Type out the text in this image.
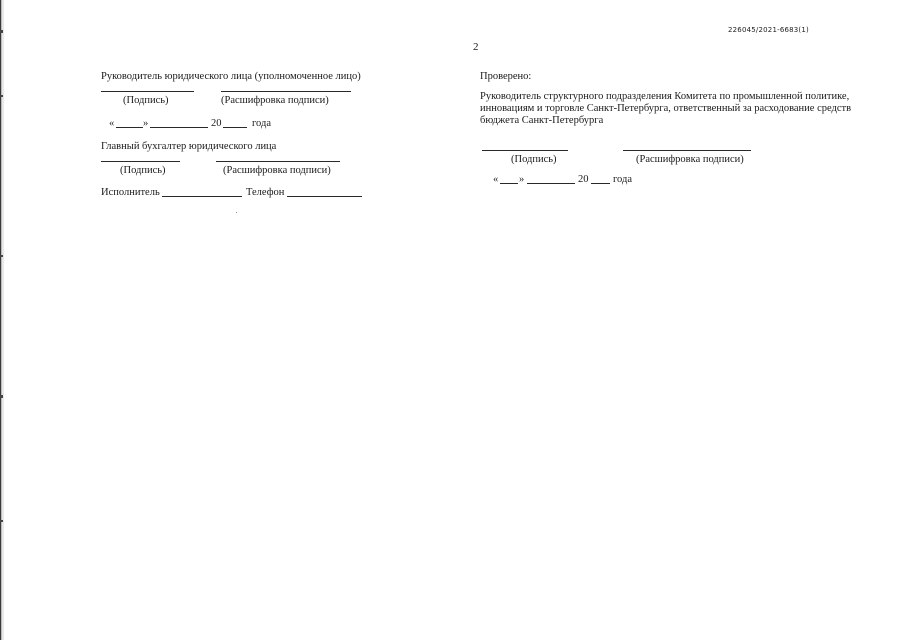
226045/2021-6683(1)
2
Руководитель юридического лица (уполномоченное лицо)
(Подпись)	(Расшифровка подписи)
«	»	20	года
Главный бухгалтер юридического лица
(Подпись)	(Расшифровка подписи)
Исполнитель	Телефон
Проверено:
Руководитель структурного подразделения Комитета по промышленной политике,
инновациям и торговле Санкт-Петербурга, ответственный за расходование средств
бюджета Санкт-Петербурга
(Подпись)	(Расшифровка подписи)
« »	20 года
